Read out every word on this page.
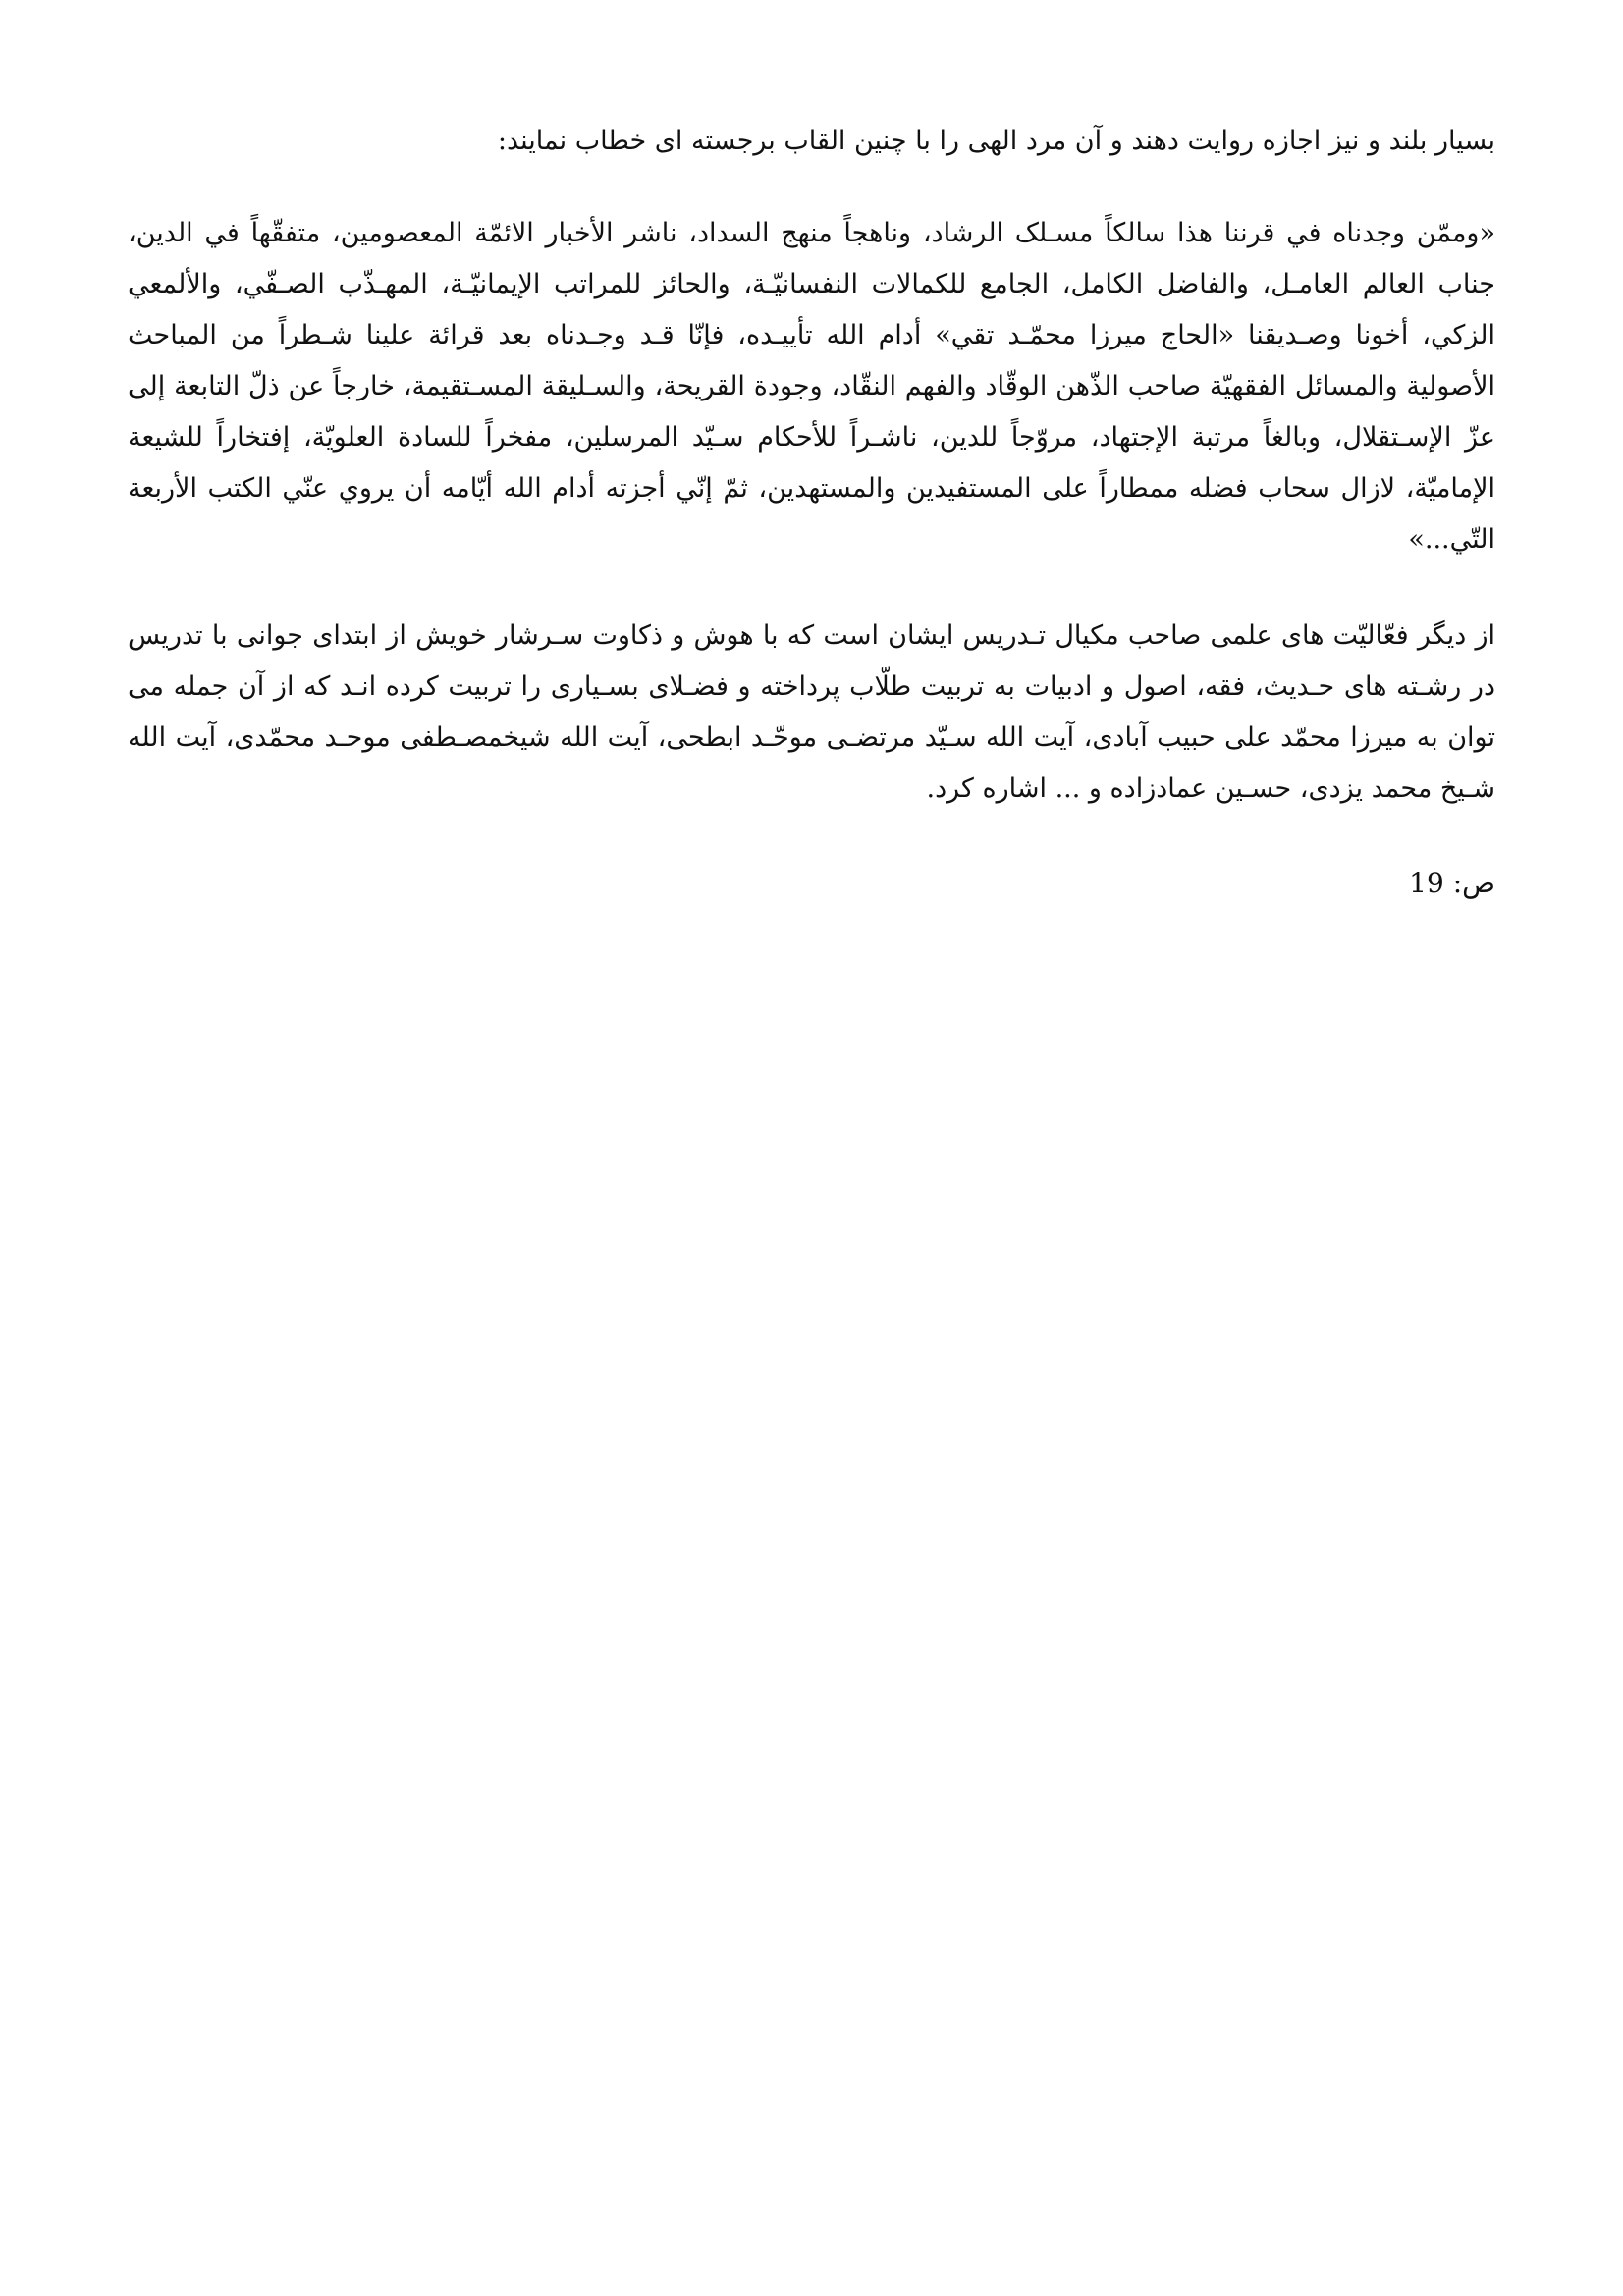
بسیار بلند و نیز اجازه روایت دهند و آن مرد الهی را با چنین القاب برجسته ای خطاب نمایند:

«وممّن وجدناه في قرننا هذا سالكاً مسـلک الرشاد، وناهجاً منهج السداد، ناشر الأخبار الائمّة المعصومين، متفقّهاً في الدين، جناب العالم العامـل، والفاضل الكامل، الجامع للكمالات النفسانيّـة، والحائز للمراتب الإيمانيّـة، المهـذّب الصـفّي، والألمعي الزكي، أخونا وصـديقنا «الحاج ميرزا محمّـد تقي» أدام الله تأييـده، فإنّا قـد وجـدناه بعد قرائة علينا شـطراً من المباحث الأصولية والمسائل الفقهيّة صاحب الذّهن الوقّاد والفهم النقّاد، وجودة القريحة، والسـليقة المسـتقيمة، خارجاً عن ذلّ التابعة إلى عزّ الإسـتقلال، وبالغاً مرتبة الإجتهاد، مروّجاً للدين، ناشـراً للأحكام سـيّد المرسلين، مفخراً للسادة العلويّة، إفتخاراً للشيعة الإماميّة، لازال سحاب فضله ممطاراً على المستفيدين والمستهدين، ثمّ إنّي أجزته أدام الله أيّامه أن يروي عنّي الكتب الأربعة التّي...»

از دیگر فعّالیّت های علمی صاحب مکیال تـدریس ایشان است که با هوش و ذکاوت سـرشار خویش از ابتدای جوانی با تدریس در رشـته های حـدیث، فقه، اصول و ادبیات به تربیت طلّاب پرداخته و فضـلای بسـیاری را تربیت کرده انـد که از آن جمله می توان به میرزا محمّد علی حبیب آبادی، آیت الله سـیّد مرتضـی موحّـد ابطحی، آیت الله شیخمصـطفی موحـد محمّدی، آیت الله شـیخ محمد یزدی، حسـین عمادزاده و ... اشاره کرد.

ص: 19
